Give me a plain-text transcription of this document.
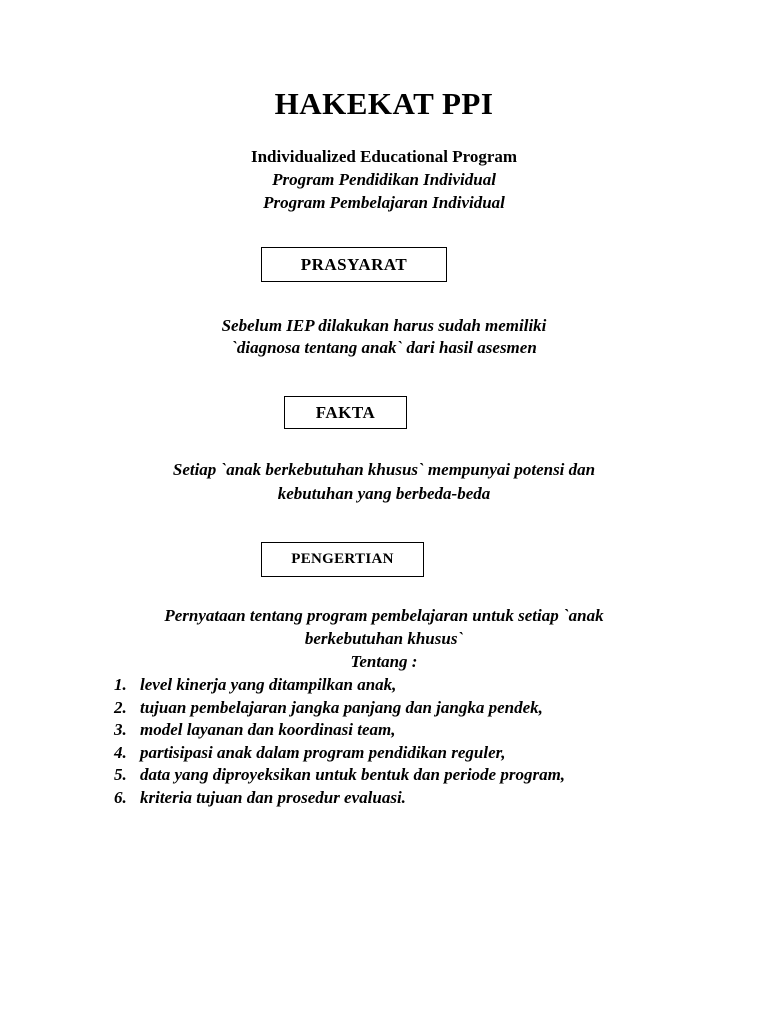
HAKEKAT PPI
Individualized Educational Program
Program Pendidikan Individual
Program Pembelajaran Individual
PRASYARAT
Sebelum IEP dilakukan harus sudah memiliki
`diagnosa tentang anak` dari hasil asesmen
FAKTA
Setiap `anak berkebutuhan khusus` mempunyai potensi dan
kebutuhan yang berbeda-beda
PENGERTIAN
Pernyataan tentang program pembelajaran untuk setiap `anak
berkebutuhan khusus`
Tentang :
1. level kinerja yang ditampilkan anak,
2. tujuan pembelajaran jangka panjang dan jangka pendek,
3. model layanan dan koordinasi team,
4. partisipasi anak dalam program pendidikan reguler,
5. data yang diproyeksikan untuk bentuk dan periode program,
6. kriteria tujuan dan prosedur evaluasi.
